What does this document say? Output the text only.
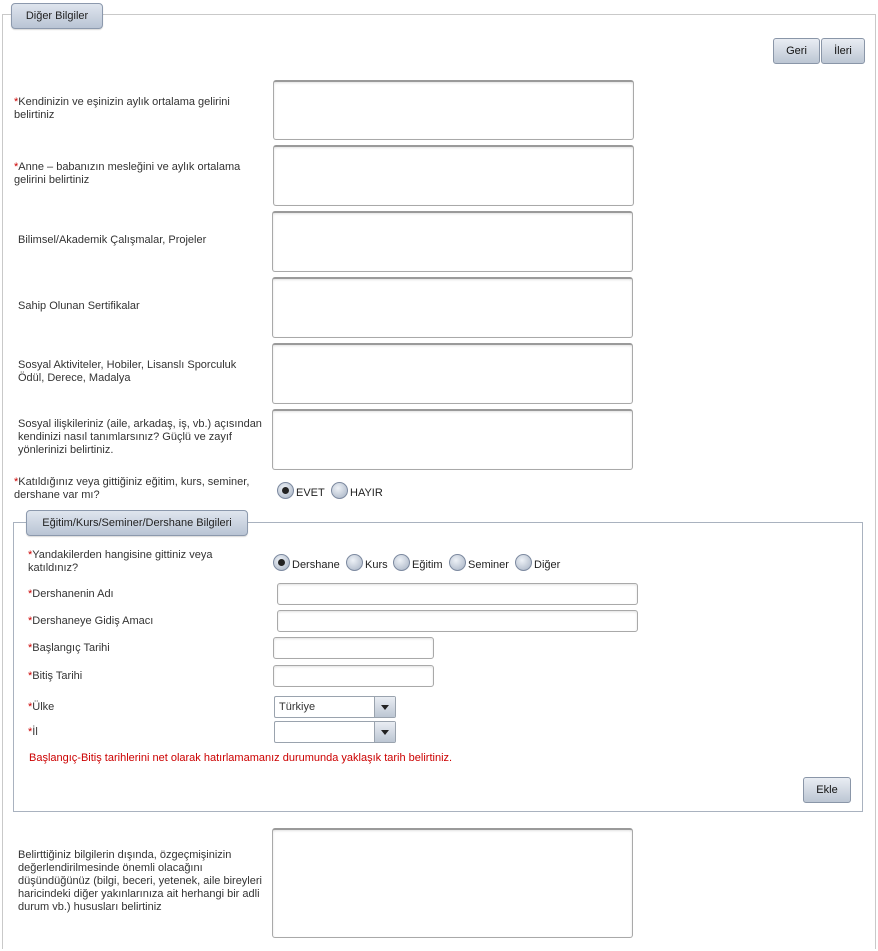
Diğer Bilgiler
Geri	İleri
*Kendinizin ve eşinizin aylık ortalama gelirini belirtiniz
*Anne – babanızın mesleğini ve aylık ortalama gelirini belirtiniz
Bilimsel/Akademik Çalışmalar, Projeler
Sahip Olunan Sertifikalar
Sosyal Aktiviteler, Hobiler, Lisanslı Sporculuk Ödül, Derece, Madalya
Sosyal ilişkileriniz (aile, arkadaş, iş, vb.) açısından kendinizi nasıl tanımlarsınız? Güçlü ve zayıf yönlerinizi belirtiniz.
*Katıldığınız veya gittiğiniz eğitim, kurs, seminer, dershane var mı?	EVET HAYIR
Eğitim/Kurs/Seminer/Dershane Bilgileri
*Yandakilerden hangisine gittiniz veya katıldınız?	Dershane Kurs Eğitim Seminer Diğer
*Dershanenin Adı
*Dershaneye Gidiş Amacı
*Başlangıç Tarihi
*Bitiş Tarihi
*Ülke	Türkiye
*İl
Başlangıç-Bitiş tarihlerini net olarak hatırlamamanız durumunda yaklaşık tarih belirtiniz.
Ekle
Belirttiğiniz bilgilerin dışında, özgeçmişinizin değerlendirilmesinde önemli olacağını düşündüğünüz (bilgi, beceri, yetenek, aile bireyleri haricindeki diğer yakınlarınıza ait herhangi bir adli durum vb.) hususları belirtiniz
